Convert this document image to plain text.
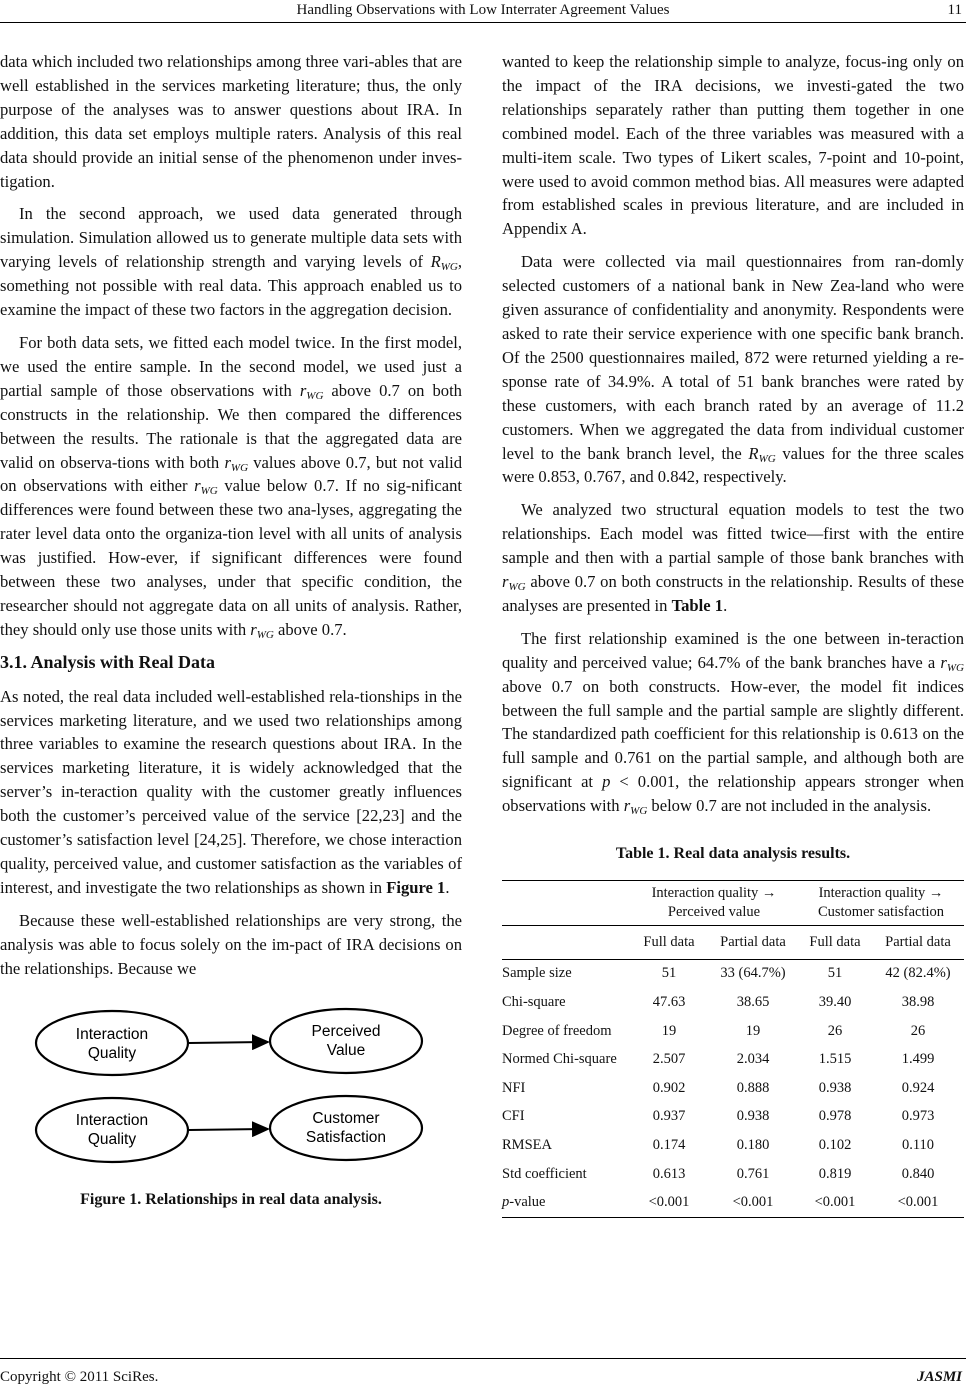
Handling Observations with Low Interrater Agreement Values	11

data which included two relationships among three vari-ables that are well established in the services marketing literature; thus, the only purpose of the analyses was to answer questions about IRA. In addition, this data set employs multiple raters. Analysis of this real data should provide an initial sense of the phenomenon under inves-tigation.

In the second approach, we used data generated through simulation. Simulation allowed us to generate multiple data sets with varying levels of relationship strength and varying levels of $R_{WG}$, something not possible with real data. This approach enabled us to examine the impact of these two factors in the aggregation decision.

For both data sets, we fitted each model twice. In the first model, we used the entire sample. In the second model, we used just a partial sample of those observations with $r_{WG}$ above 0.7 on both constructs in the relationship. We then compared the differences between the results. The rationale is that the aggregated data are valid on observa-tions with both $r_{WG}$ values above 0.7, but not valid on observations with either $r_{WG}$ value below 0.7. If no sig-nificant differences were found between these two ana-lyses, aggregating the rater level data onto the organiza-tion level with all units of analysis was justified. How-ever, if significant differences were found between these two analyses, under that specific condition, the researcher should not aggregate data on all units of analysis. Rather, they should only use those units with $r_{WG}$ above 0.7.

3.1. Analysis with Real Data

As noted, the real data included well-established rela-tionships in the services marketing literature, and we used two relationships among three variables to examine the research questions about IRA. In the services marketing literature, it is widely acknowledged that the server’s in-teraction quality with the customer greatly influences both the customer’s perceived value of the service [22,23] and the customer’s satisfaction level [24,25]. Therefore, we chose interaction quality, perceived value, and customer satisfaction as the variables of interest, and investigate the two relationships as shown in Figure 1.

Because these well-established relationships are very strong, the analysis was able to focus solely on the im-pact of IRA decisions on the relationships. Because we

Interaction
Quality
Perceived
Value
Interaction
Quality
Customer
Satisfaction
Figure 1. Relationships in real data analysis.

wanted to keep the relationship simple to analyze, focus-ing only on the impact of the IRA decisions, we investi-gated the two relationships separately rather than putting them together in one combined model. Each of the three variables was measured with a multi-item scale. Two types of Likert scales, 7-point and 10-point, were used to avoid common method bias. All measures were adapted from established scales in previous literature, and are included in Appendix A.

Data were collected via mail questionnaires from ran-domly selected customers of a national bank in New Zea-land who were given assurance of confidentiality and anonymity. Respondents were asked to rate their service experience with one specific bank branch. Of the 2500 questionnaires mailed, 872 were returned yielding a re-sponse rate of 34.9%. A total of 51 bank branches were rated by these customers, with each branch rated by an average of 11.2 customers. When we aggregated the data from individual customer level to the bank branch level, the $R_{WG}$ values for the three scales were 0.853, 0.767, and 0.842, respectively.

We analyzed two structural equation models to test the two relationships. Each model was fitted twice—first with the entire sample and then with a partial sample of those bank branches with $r_{WG}$ above 0.7 on both constructs in the relationship. Results of these analyses are presented in Table 1.

The first relationship examined is the one between in-teraction quality and perceived value; 64.7% of the bank branches have a $r_{WG}$ above 0.7 on both constructs. How-ever, the model fit indices between the full sample and the partial sample are slightly different. The standardized path coefficient for this relationship is 0.613 on the full sample and 0.761 on the partial sample, and although both are significant at p < 0.001, the relationship appears stronger when observations with $r_{WG}$ below 0.7 are not included in the analysis.

Table 1. Real data analysis results.
	Interaction quality →
Perceived value		Interaction quality →
Customer satisfaction	
	Full data	Partial data	Full data	Partial data
Sample size	51	33 (64.7%)	51	42 (82.4%)
Chi-square	47.63	38.65	39.40	38.98
Degree of freedom	19	19	26	26
Normed Chi-square	2.507	2.034	1.515	1.499
NFI	0.902	0.888	0.938	0.924
CFI	0.937	0.938	0.978	0.973
RMSEA	0.174	0.180	0.102	0.110
Std coefficient	0.613	0.761	0.819	0.840
p-value	<0.001	<0.001	<0.001	<0.001
Copyright © 2011 SciRes.	JASMI
